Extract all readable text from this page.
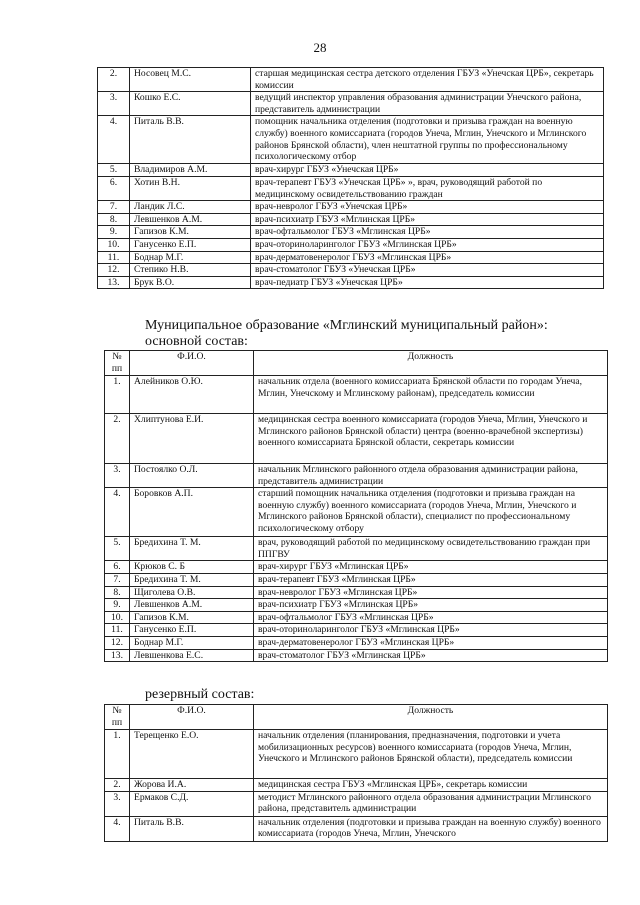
28
2.	Носовец М.С.	старшая медицинская сестра детского отделения ГБУЗ «Унечская ЦРБ», секретарь комиссии
3.	Кошко Е.С.	ведущий инспектор управления образования администрации Унечского района, представитель администрации
4.	Питаль В.В.	помощник начальника отделения (подготовки и призыва граждан на военную службу) военного комиссариата (городов Унеча, Мглин, Унечского и Мглинского районов Брянской области), член нештатной группы по профессиональному психологическому отбор
5.	Владимиров А.М.	врач-хирург ГБУЗ «Унечская ЦРБ»
6.	Хотин В.Н.	врач-терапевт ГБУЗ «Унечская ЦРБ» », врач, руководящий работой по медицинскому освидетельствованию граждан
7.	Ландик Л.С.	врач-невролог ГБУЗ «Унечская ЦРБ»
8.	Левшенков А.М.	врач-психиатр ГБУЗ «Мглинская ЦРБ»
9.	Гапизов К.М.	врач-офтальмолог ГБУЗ «Мглинская ЦРБ»
10.	Ганусенко Е.П.	врач-оториноларинголог ГБУЗ «Мглинская ЦРБ»
11.	Боднар М.Г.	врач-дерматовенеролог ГБУЗ «Мглинская ЦРБ»
12.	Степико Н.В.	врач-стоматолог ГБУЗ «Унечская ЦРБ»
13.	Брук В.О.	врач-педиатр ГБУЗ «Унечская ЦРБ»
Муниципальное образование «Мглинский муниципальный район»:
основной состав:
№ пп	Ф.И.О.	Должность
1.	Алейников О.Ю.	начальник отдела (военного комиссариата Брянской области по городам Унеча, Мглин, Унечскому и Мглинскому районам), председатель комиссии
2.	Хлиптунова Е.И.	медицинская сестра военного комиссариата (городов Унеча, Мглин, Унечского и Мглинского районов Брянской области) центра (военно-врачебной экспертизы) военного комиссариата Брянской области, секретарь комиссии
3.	Постоялко О.Л.	начальник Мглинского районного отдела образования администрации района, представитель администрации
4.	Боровков А.П.	старший помощник начальника отделения (подготовки и призыва граждан на военную службу) военного комиссариата (городов Унеча, Мглин, Унечского и Мглинского районов Брянской области), специалист по профессиональному психологическому отбору
5.	Бредихина Т. М.	врач, руководящий работой по медицинскому освидетельствованию граждан при ППГВУ
6.	Крюков С. Б	врач-хирург ГБУЗ «Мглинская ЦРБ»
7.	Бредихина Т. М.	врач-терапевт ГБУЗ «Мглинская ЦРБ»
8.	Щиголева О.В.	врач-невролог ГБУЗ «Мглинская ЦРБ»
9.	Левшенков А.М.	врач-психиатр ГБУЗ «Мглинская ЦРБ»
10.	Гапизов К.М.	врач-офтальмолог ГБУЗ «Мглинская ЦРБ»
11.	Ганусенко Е.П.	врач-оториноларинголог ГБУЗ «Мглинская ЦРБ»
12.	Боднар М.Г.	врач-дерматовенеролог ГБУЗ «Мглинская ЦРБ»
13.	Левшенкова Е.С.	врач-стоматолог ГБУЗ «Мглинская ЦРБ»
резервный состав:
№ пп	Ф.И.О.	Должность
1.	Терещенко Е.О.	начальник отделения (планирования, предназначения, подготовки и учета мобилизационных ресурсов) военного комиссариата (городов Унеча, Мглин, Унечского и Мглинского районов Брянской области), председатель комиссии
2.	Жорова И.А.	медицинская сестра ГБУЗ «Мглинская ЦРБ», секретарь комиссии
3.	Ермаков С.Д.	методист Мглинского районного отдела образования администрации Мглинского района, представитель администрации
4.	Питаль В.В.	начальник отделения (подготовки и призыва граждан на военную службу) военного комиссариата (городов Унеча, Мглин, Унечского
